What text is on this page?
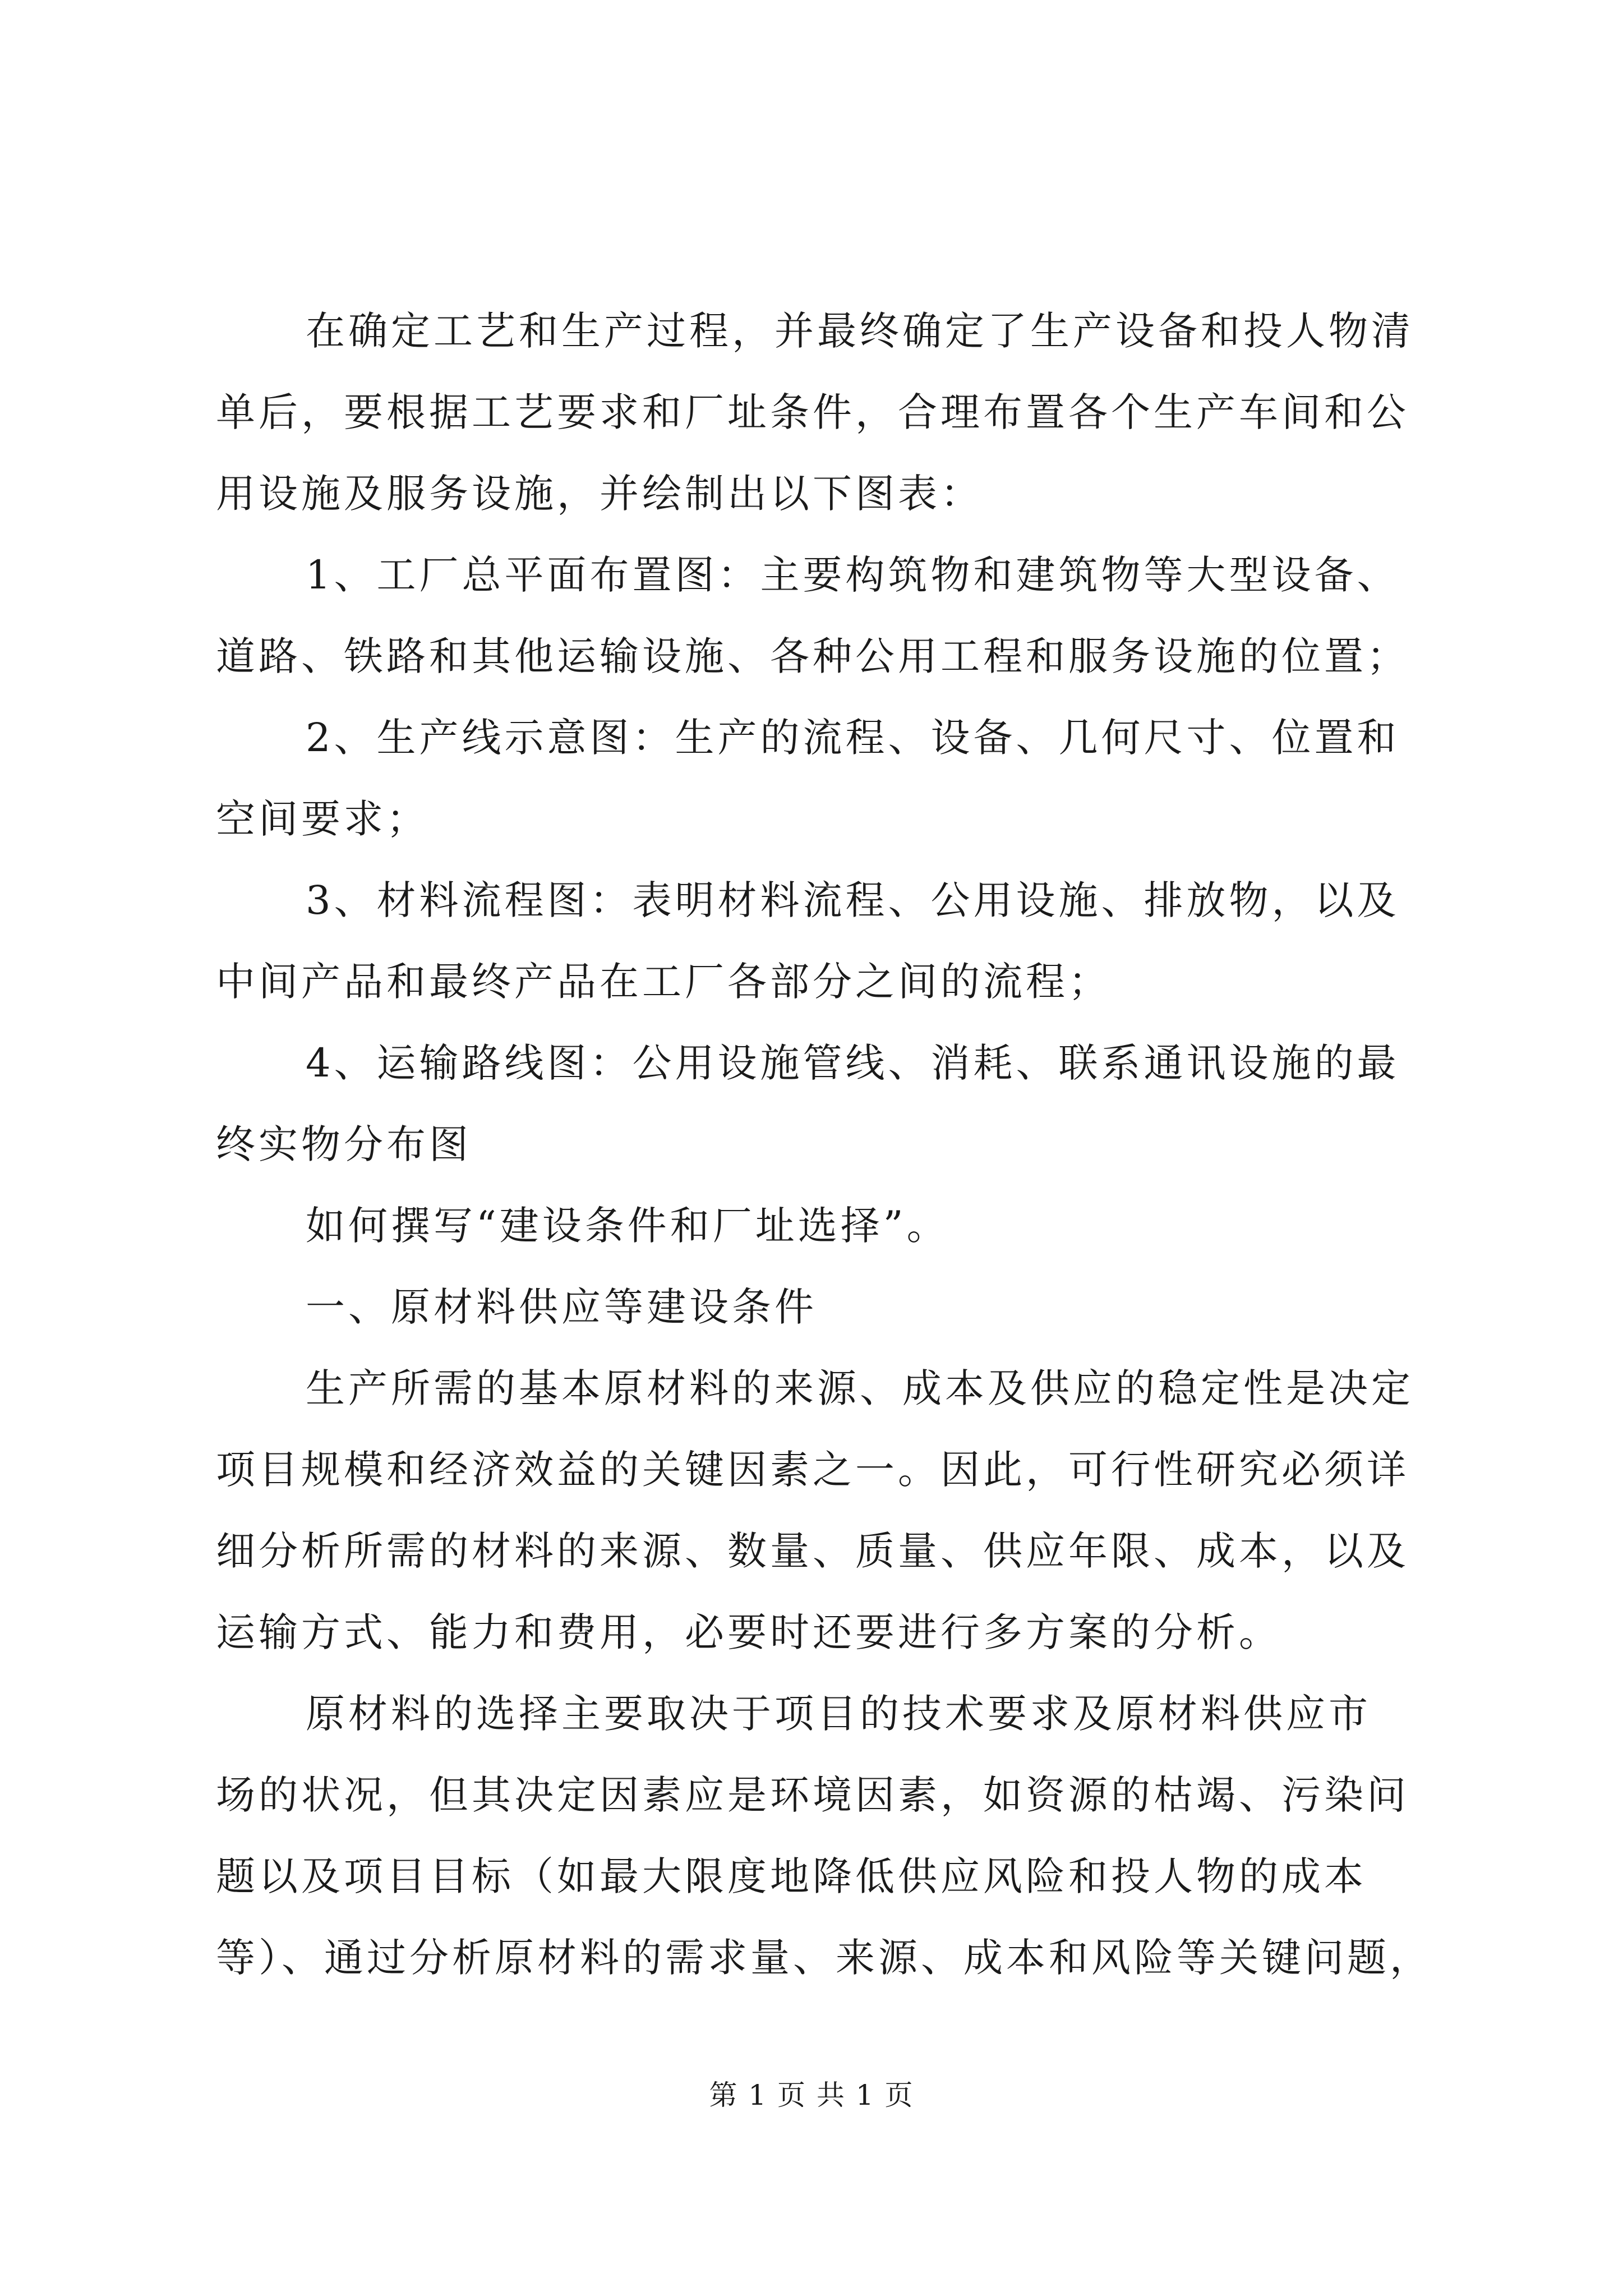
在确定工艺和生产过程，并最终确定了生产设备和投人物清
单后，要根据工艺要求和厂址条件，合理布置各个生产车间和公
用设施及服务设施，并绘制出以下图表：
1、工厂总平面布置图：主要构筑物和建筑物等大型设备、
道路、铁路和其他运输设施、各种公用工程和服务设施的位置；
2、生产线示意图：生产的流程、设备、几何尺寸、位置和
空间要求；
3、材料流程图：表明材料流程、公用设施、排放物，以及
中间产品和最终产品在工厂各部分之间的流程；
4、运输路线图：公用设施管线、消耗、联系通讯设施的最
终实物分布图
如何撰写“建设条件和厂址选择”。
一、原材料供应等建设条件
生产所需的基本原材料的来源、成本及供应的稳定性是决定
项目规模和经济效益的关键因素之一。因此，可行性研究必须详
细分析所需的材料的来源、数量、质量、供应年限、成本，以及
运输方式、能力和费用，必要时还要进行多方案的分析。
原材料的选择主要取决于项目的技术要求及原材料供应市
场的状况，但其决定因素应是环境因素，如资源的枯竭、污染问
题以及项目目标（如最大限度地降低供应风险和投人物的成本
等）、通过分析原材料的需求量、来源、成本和风险等关键问题，
第 1 页 共 1 页
